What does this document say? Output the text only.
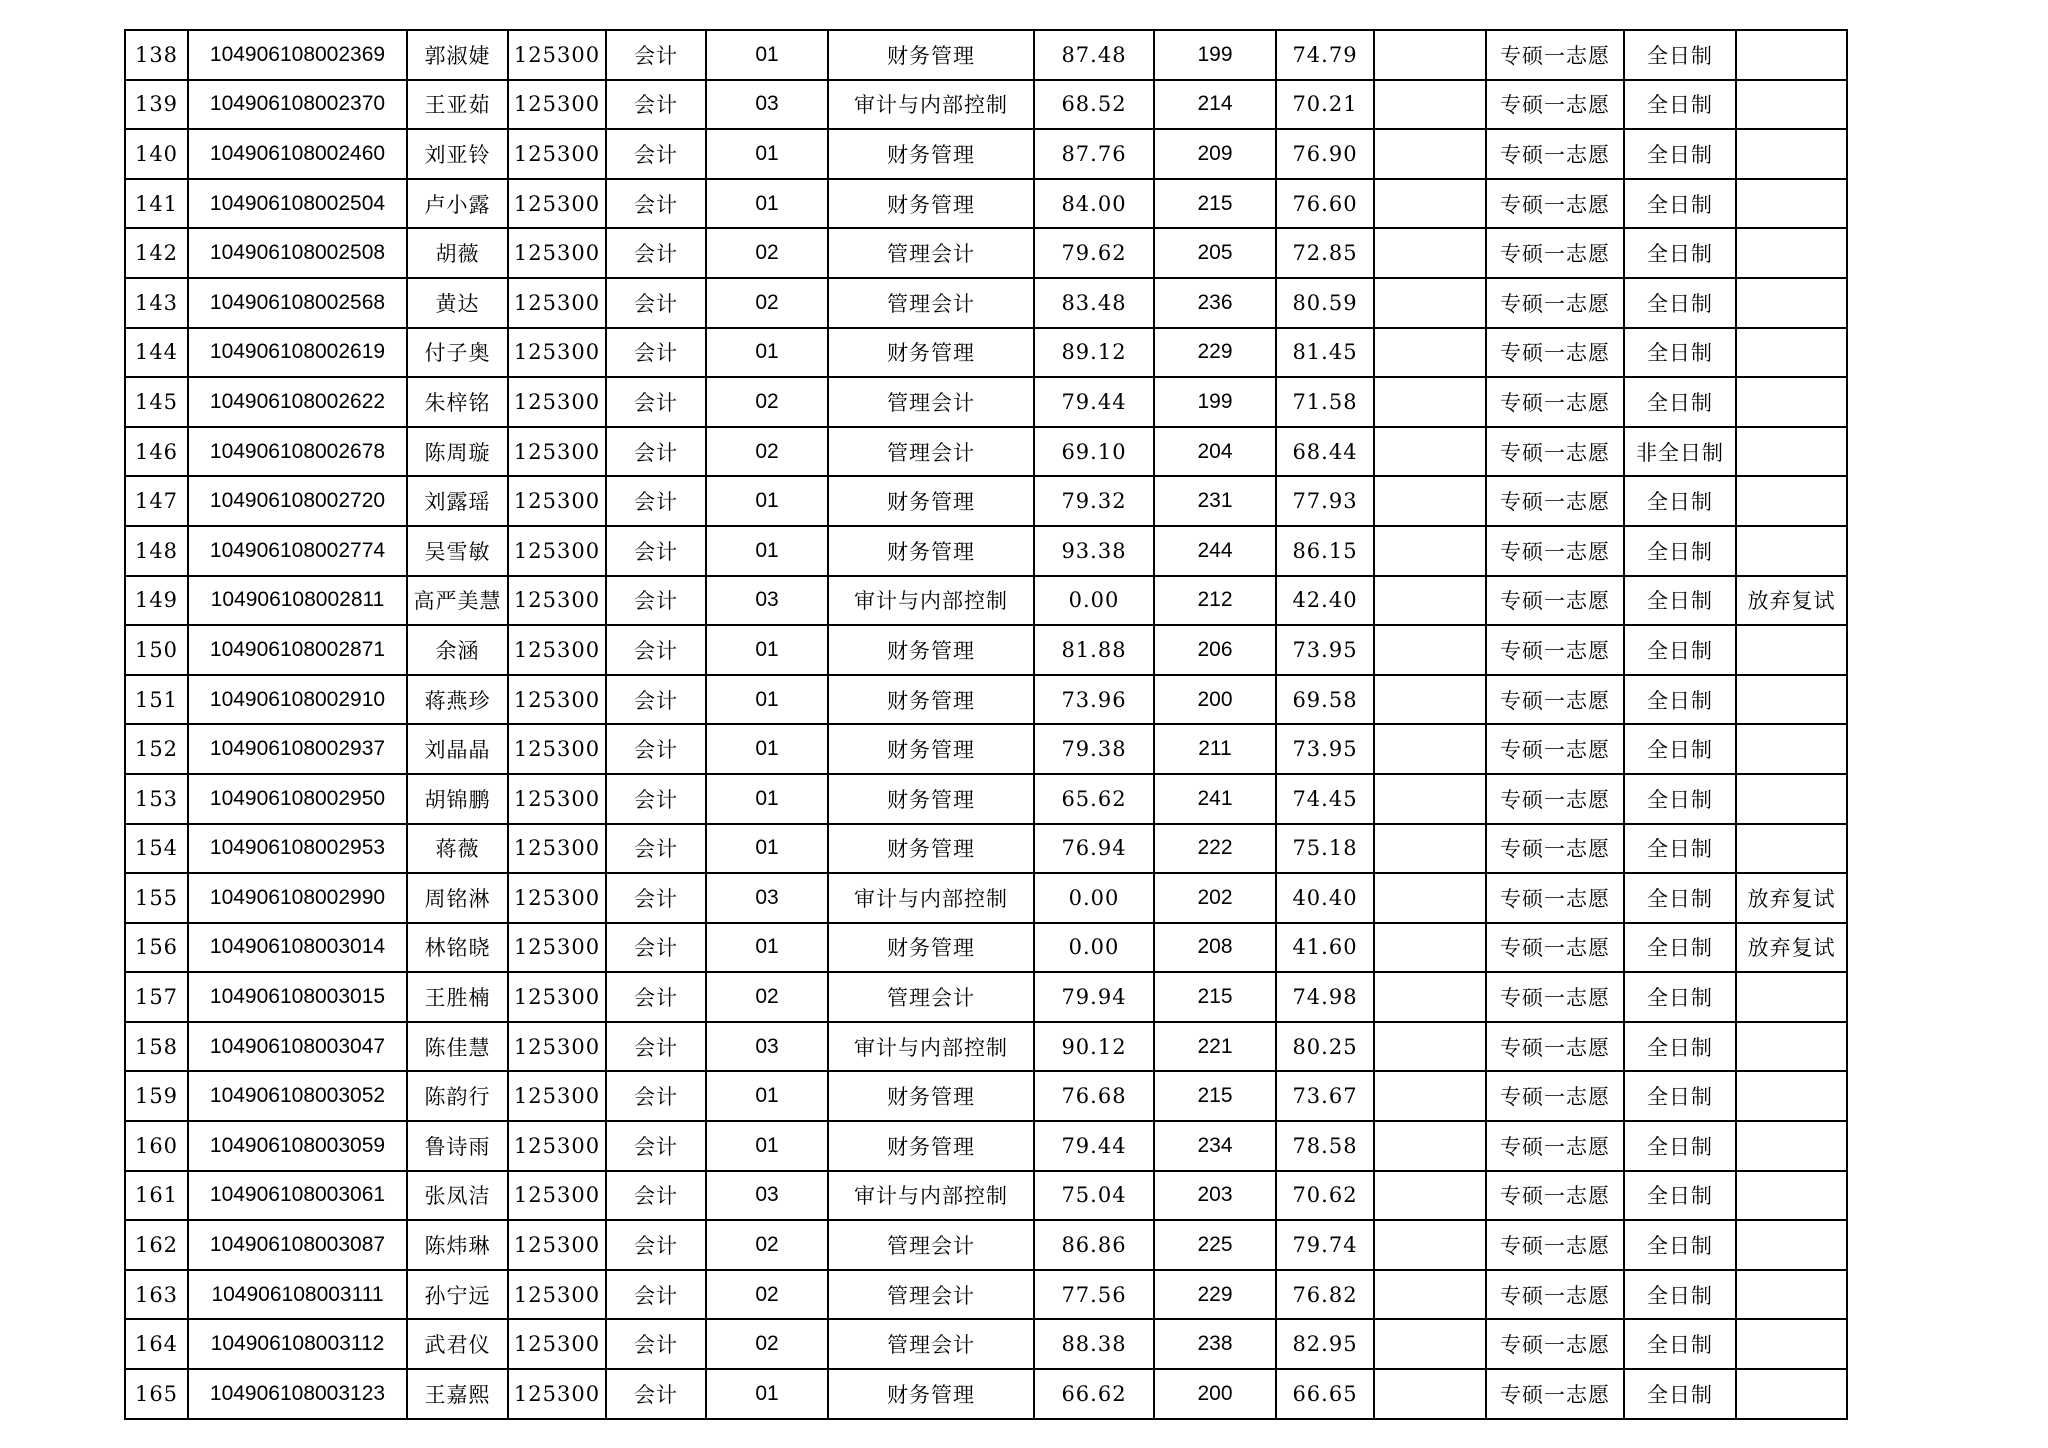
138	104906108002369	郭淑婕	125300	会计	01	财务管理	87.48	199	74.79		专硕一志愿	全日制	
139	104906108002370	王亚茹	125300	会计	03	审计与内部控制	68.52	214	70.21		专硕一志愿	全日制	
140	104906108002460	刘亚铃	125300	会计	01	财务管理	87.76	209	76.90		专硕一志愿	全日制	
141	104906108002504	卢小露	125300	会计	01	财务管理	84.00	215	76.60		专硕一志愿	全日制	
142	104906108002508	胡薇	125300	会计	02	管理会计	79.62	205	72.85		专硕一志愿	全日制	
143	104906108002568	黄达	125300	会计	02	管理会计	83.48	236	80.59		专硕一志愿	全日制	
144	104906108002619	付子奥	125300	会计	01	财务管理	89.12	229	81.45		专硕一志愿	全日制	
145	104906108002622	朱梓铭	125300	会计	02	管理会计	79.44	199	71.58		专硕一志愿	全日制	
146	104906108002678	陈周璇	125300	会计	02	管理会计	69.10	204	68.44		专硕一志愿	非全日制	
147	104906108002720	刘露瑶	125300	会计	01	财务管理	79.32	231	77.93		专硕一志愿	全日制	
148	104906108002774	吴雪敏	125300	会计	01	财务管理	93.38	244	86.15		专硕一志愿	全日制	
149	104906108002811	高严美慧	125300	会计	03	审计与内部控制	0.00	212	42.40		专硕一志愿	全日制	放弃复试
150	104906108002871	余涵	125300	会计	01	财务管理	81.88	206	73.95		专硕一志愿	全日制	
151	104906108002910	蒋燕珍	125300	会计	01	财务管理	73.96	200	69.58		专硕一志愿	全日制	
152	104906108002937	刘晶晶	125300	会计	01	财务管理	79.38	211	73.95		专硕一志愿	全日制	
153	104906108002950	胡锦鹏	125300	会计	01	财务管理	65.62	241	74.45		专硕一志愿	全日制	
154	104906108002953	蒋薇	125300	会计	01	财务管理	76.94	222	75.18		专硕一志愿	全日制	
155	104906108002990	周铭淋	125300	会计	03	审计与内部控制	0.00	202	40.40		专硕一志愿	全日制	放弃复试
156	104906108003014	林铭晓	125300	会计	01	财务管理	0.00	208	41.60		专硕一志愿	全日制	放弃复试
157	104906108003015	王胜楠	125300	会计	02	管理会计	79.94	215	74.98		专硕一志愿	全日制	
158	104906108003047	陈佳慧	125300	会计	03	审计与内部控制	90.12	221	80.25		专硕一志愿	全日制	
159	104906108003052	陈韵行	125300	会计	01	财务管理	76.68	215	73.67		专硕一志愿	全日制	
160	104906108003059	鲁诗雨	125300	会计	01	财务管理	79.44	234	78.58		专硕一志愿	全日制	
161	104906108003061	张凤洁	125300	会计	03	审计与内部控制	75.04	203	70.62		专硕一志愿	全日制	
162	104906108003087	陈炜琳	125300	会计	02	管理会计	86.86	225	79.74		专硕一志愿	全日制	
163	104906108003111	孙宁远	125300	会计	02	管理会计	77.56	229	76.82		专硕一志愿	全日制	
164	104906108003112	武君仪	125300	会计	02	管理会计	88.38	238	82.95		专硕一志愿	全日制	
165	104906108003123	王嘉熙	125300	会计	01	财务管理	66.62	200	66.65		专硕一志愿	全日制	
